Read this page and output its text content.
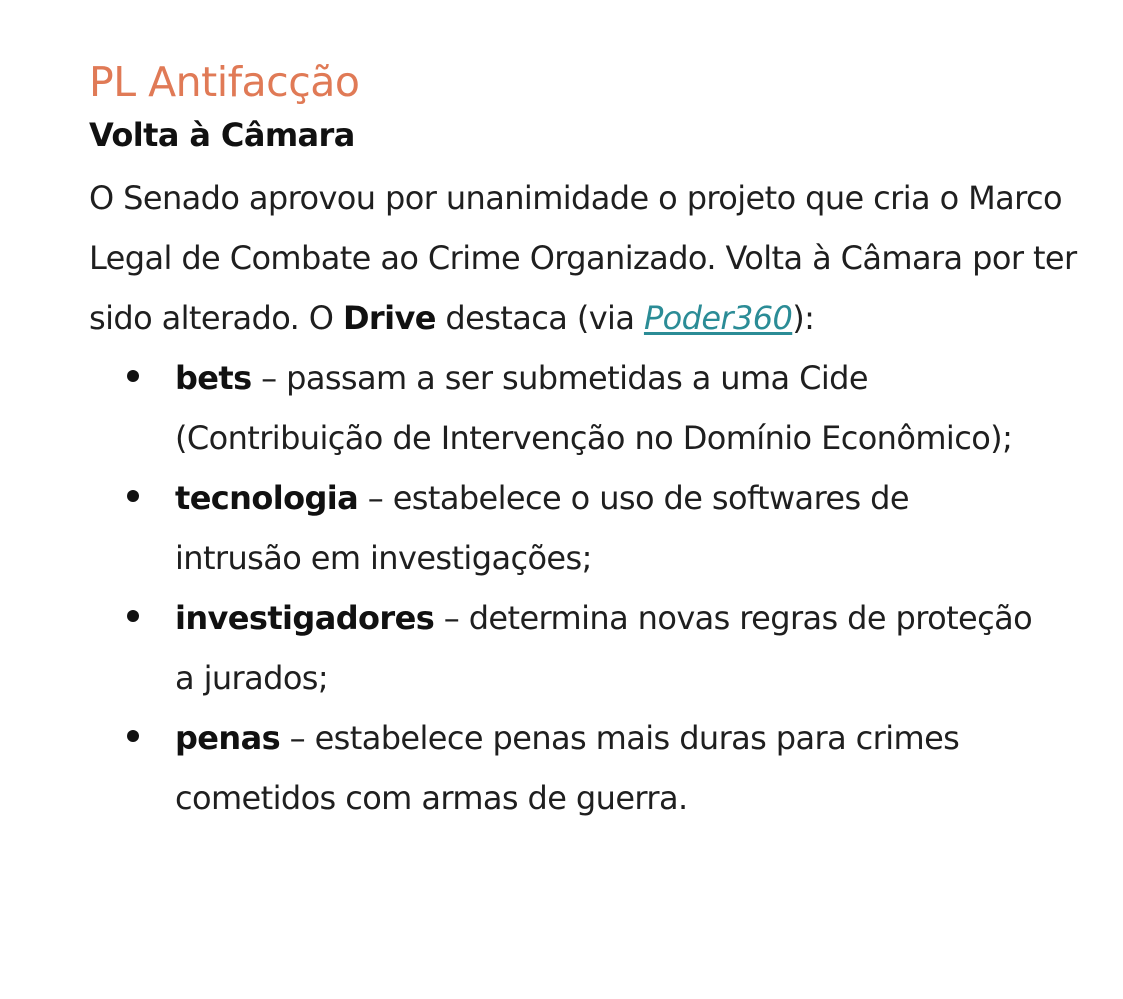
PL Antifacção
Volta à Câmara

O Senado aprovou por unanimidade o projeto que cria o Marco Legal de Combate ao Crime Organizado. Volta à Câmara por ter sido alterado. O Drive destaca (via Poder360):

bets – passam a ser submetidas a uma Cide (Contribuição de Intervenção no Domínio Econômico);
tecnologia – estabelece o uso de softwares de intrusão em investigações;
investigadores – determina novas regras de proteção a jurados;
penas – estabelece penas mais duras para crimes cometidos com armas de guerra.
